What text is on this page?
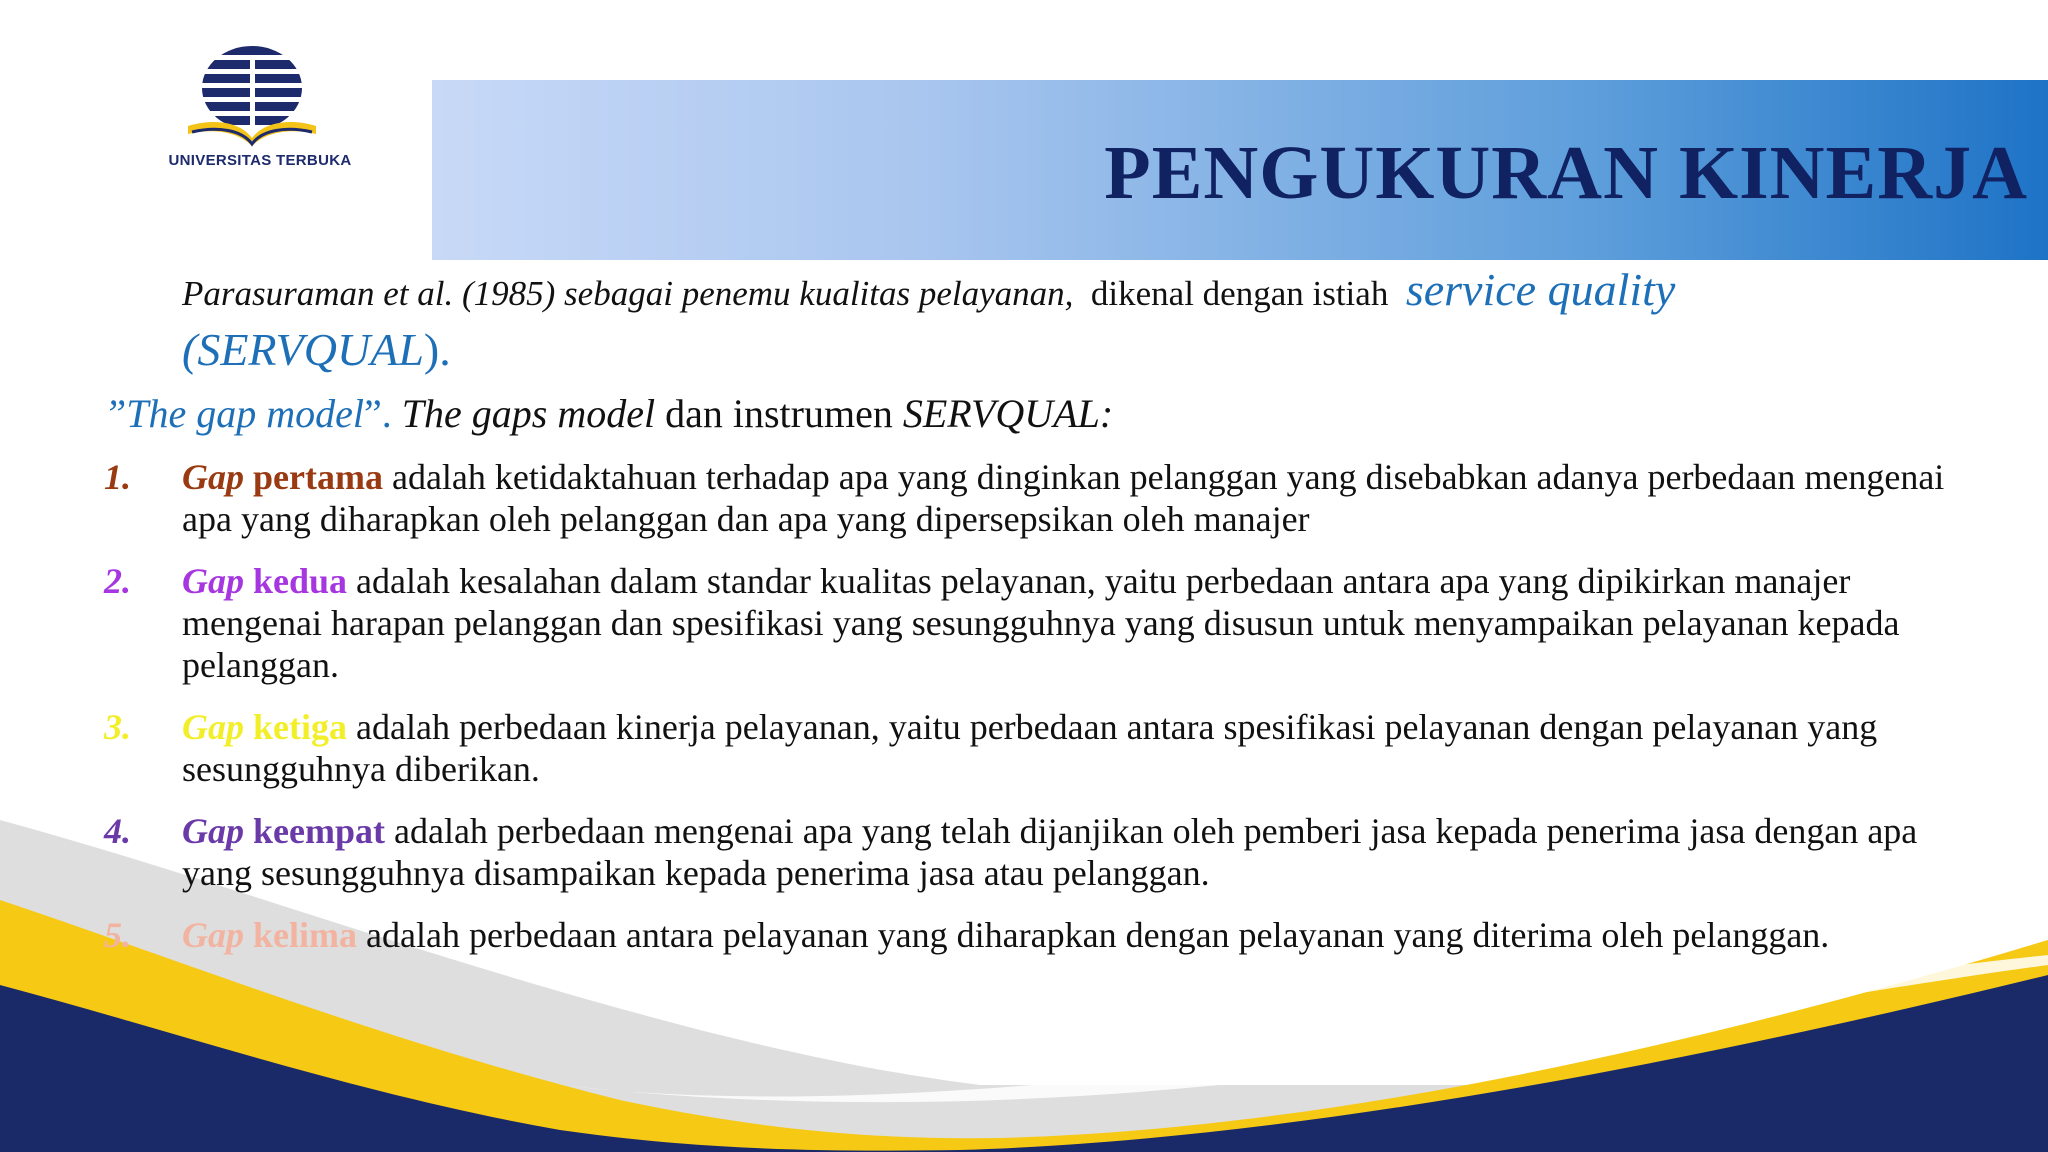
UNIVERSITAS TERBUKA	PENGUKURAN KINERJA
Parasuraman et al. (1985) sebagai penemu kualitas pelayanan, dikenal dengan istiah service quality
(SERVQUAL).
”The gap model”. The gaps model dan instrumen SERVQUAL:
1.	Gap pertama adalah ketidaktahuan terhadap apa yang dinginkan pelanggan yang disebabkan adanya perbedaan mengenai apa yang diharapkan oleh pelanggan dan apa yang dipersepsikan oleh manajer
2.	Gap kedua adalah kesalahan dalam standar kualitas pelayanan, yaitu perbedaan antara apa yang dipikirkan manajer mengenai harapan pelanggan dan spesifikasi yang sesungguhnya yang disusun untuk menyampaikan pelayanan kepada pelanggan.
3.	Gap ketiga adalah perbedaan kinerja pelayanan, yaitu perbedaan antara spesifikasi pelayanan dengan pelayanan yang sesungguhnya diberikan.
4.	Gap keempat adalah perbedaan mengenai apa yang telah dijanjikan oleh pemberi jasa kepada penerima jasa dengan apa yang sesungguhnya disampaikan kepada penerima jasa atau pelanggan.
5.	Gap kelima adalah perbedaan antara pelayanan yang diharapkan dengan pelayanan yang diterima oleh pelanggan.
